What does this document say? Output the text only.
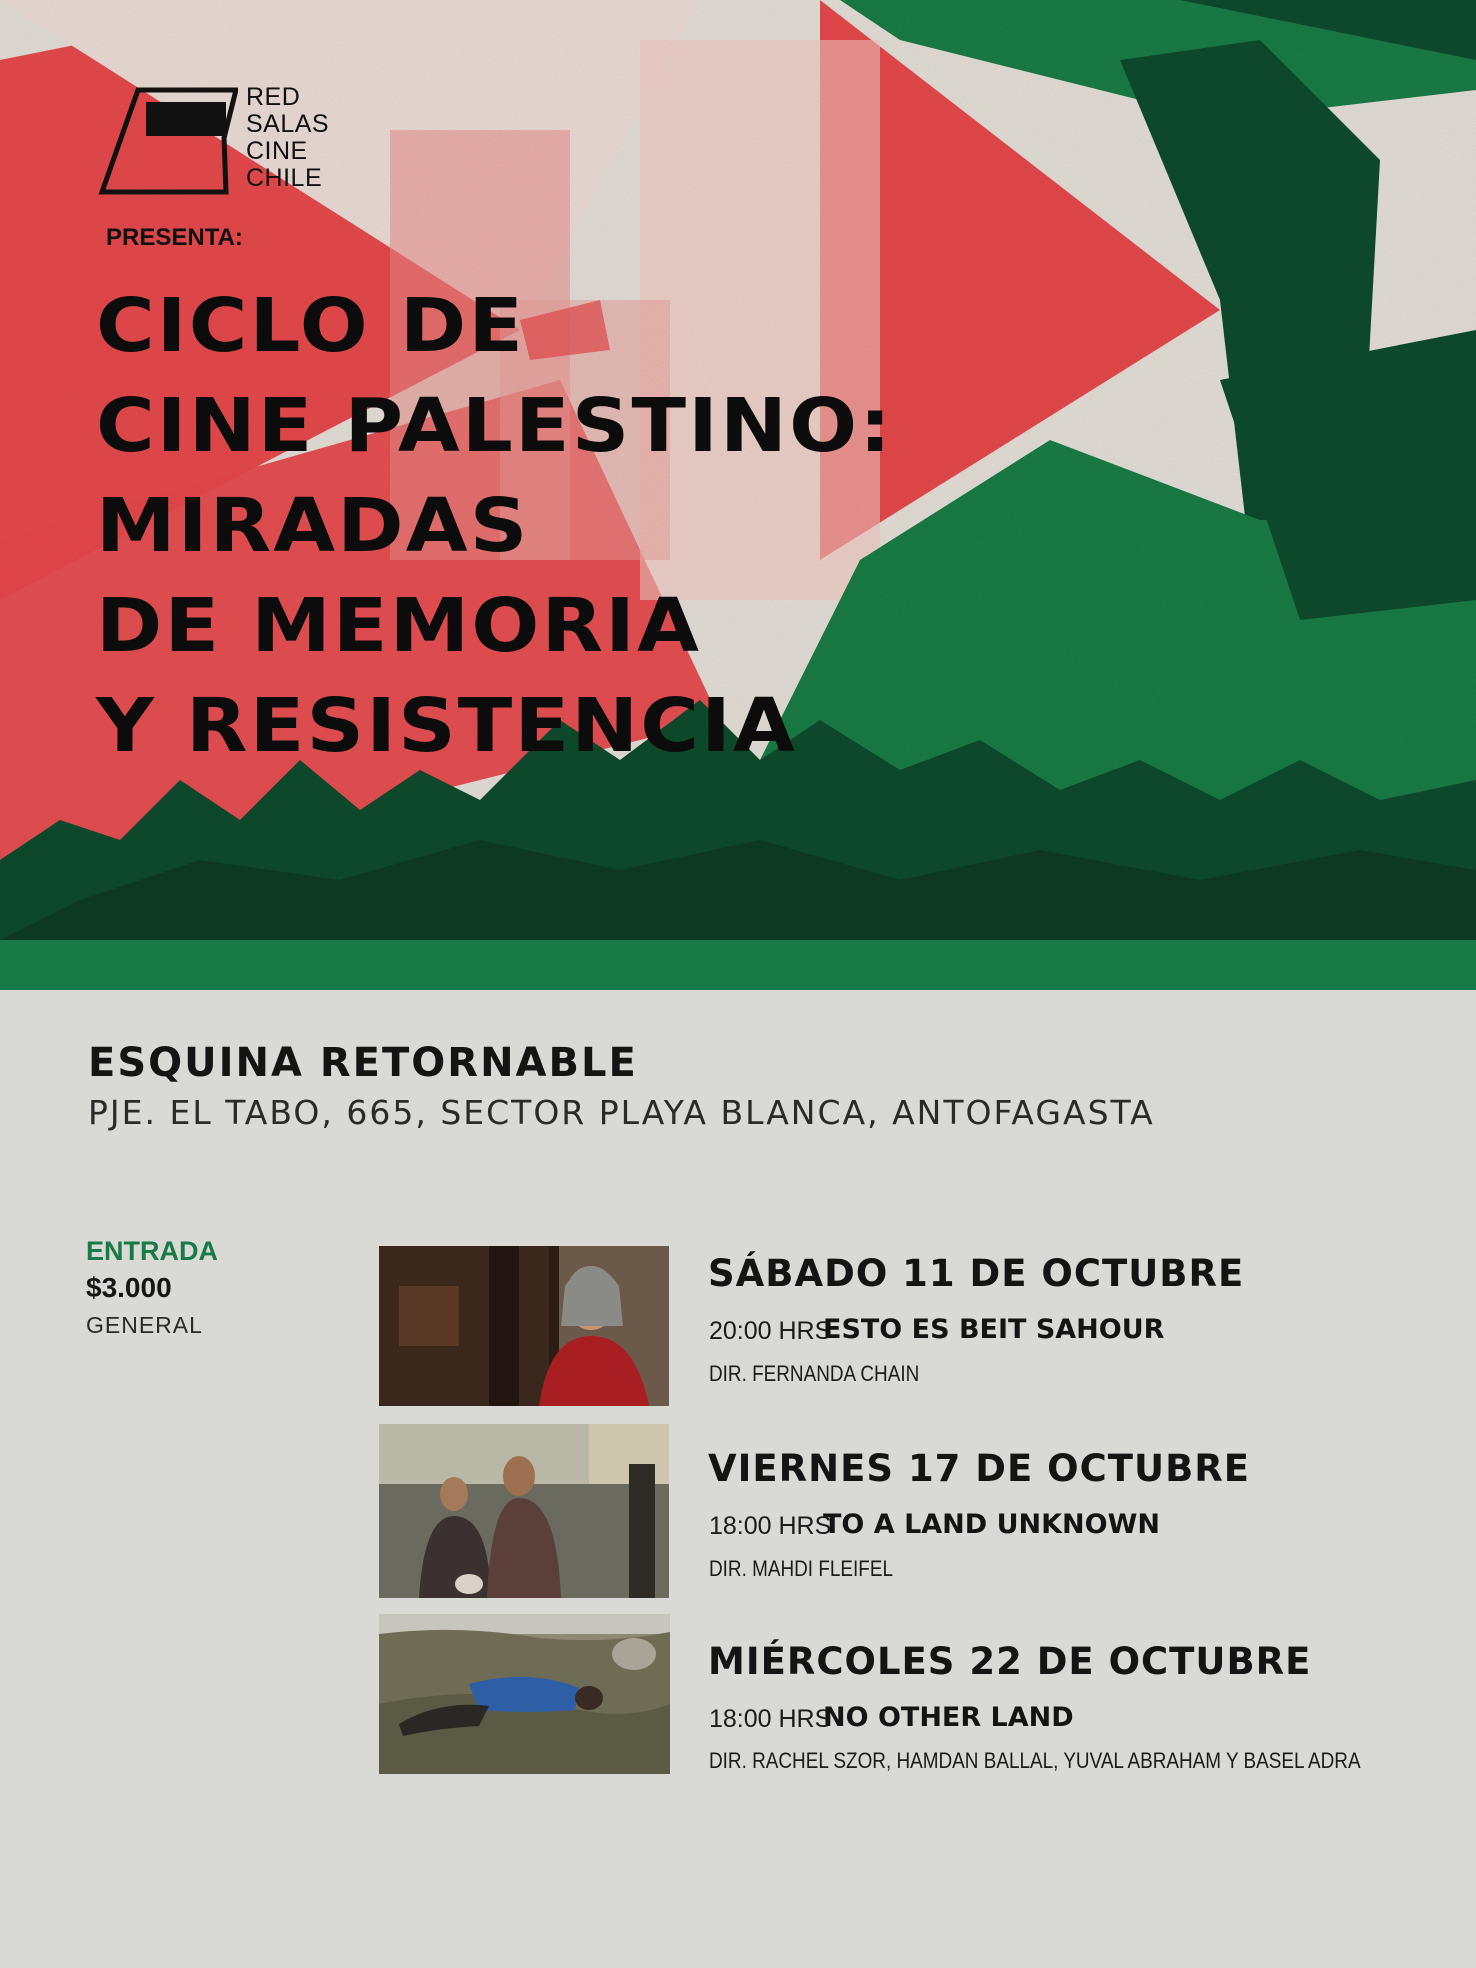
RED
SALAS
CINE
CHILE
PRESENTA:
CICLO DE
CINE PALESTINO:
MIRADAS
DE MEMORIA
Y RESISTENCIA
ESQUINA RETORNABLE
PJE. EL TABO, 665, SECTOR PLAYA BLANCA, ANTOFAGASTA
ENTRADA
$3.000
GENERAL
SÁBADO 11 DE OCTUBRE
20:00 HRS
ESTO ES BEIT SAHOUR
DIR. FERNANDA CHAIN
VIERNES 17 DE OCTUBRE
18:00 HRS
TO A LAND UNKNOWN
DIR. MAHDI FLEIFEL
MIÉRCOLES 22 DE OCTUBRE
18:00 HRS
NO OTHER LAND
DIR. RACHEL SZOR, HAMDAN BALLAL, YUVAL ABRAHAM Y BASEL ADRA
